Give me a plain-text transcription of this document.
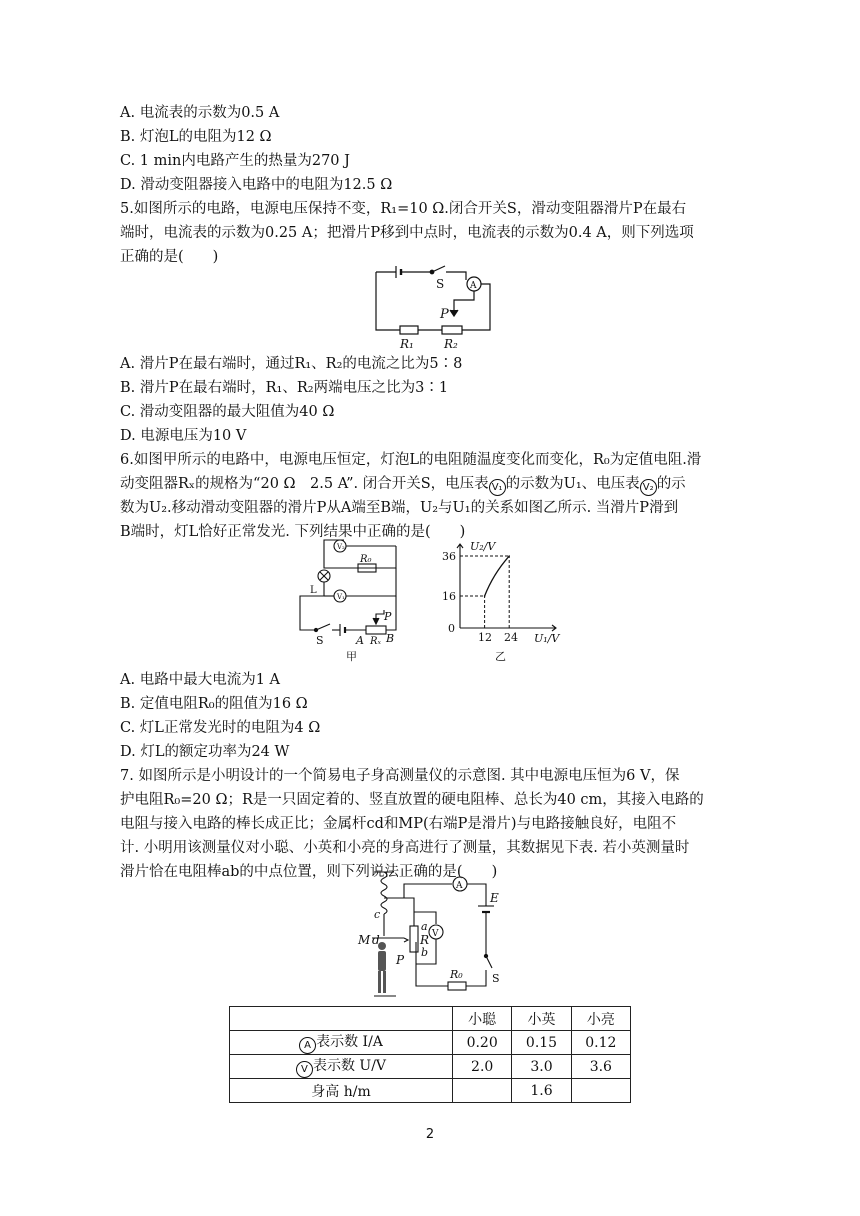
A. 电流表的示数为0.5 A
B. 灯泡L的电阻为12 Ω
C. 1 min内电路产生的热量为270 J
D. 滑动变阻器接入电路中的电阻为12.5 Ω
5.如图所示的电路，电源电压保持不变，R₁=10 Ω.闭合开关S，滑动变阻器滑片P在最右
端时，电流表的示数为0.25 A；把滑片P移到中点时，电流表的示数为0.4 A，则下列选项
正确的是(　　)
S	A
P
R₁	R₂
A. 滑片P在最右端时，通过R₁、R₂的电流之比为5∶8
B. 滑片P在最右端时，R₁、R₂两端电压之比为3∶1
C. 滑动变阻器的最大阻值为40 Ω
D. 电源电压为10 V
6.如图甲所示的电路中，电源电压恒定，灯泡L的电阻随温度变化而变化，R₀为定值电阻.滑
动变阻器Rₓ的规格为“20 Ω　2.5 A”. 闭合开关S，电压表 V₁ 的示数为U₁、电压表 V₂ 的示
数为U₂.移动滑动变阻器的滑片P从A端至B端，U₂与U₁的关系如图乙所示. 当滑片P滑到
B端时，灯L恰好正常发光. 下列结果中正确的是(　　)
V₂
R₀
L
V₁
S	A Rₓ B
P
甲
U₂/V
U₁/V
0
36
16
12 24
乙
A. 电路中最大电流为1 A
B. 定值电阻R₀的阻值为16 Ω
C. 灯L正常发光时的电阻为4 Ω
D. 灯L的额定功率为24 W
7. 如图所示是小明设计的一个简易电子身高测量仪的示意图. 其中电源电压恒为6 V，保
护电阻R₀=20 Ω；R是一只固定着的、竖直放置的硬电阻棒、总长为40 cm，其接入电路的
电阻与接入电路的棒长成正比；金属杆cd和MP(右端P是滑片)与电路接触良好，电阻不
计. 小明用该测量仪对小聪、小英和小亮的身高进行了测量，其数据见下表. 若小英测量时
滑片恰在电阻棒ab的中点位置，则下列说法正确的是(　　)
c
M d
P
a
R
b
V
A
E
S
R₀
	小聪	小英	小亮
A 表示数 I/A	0.20	0.15	0.12
V 表示数 U/V	2.0	3.0	3.6
身高 h/m		1.6	
2
